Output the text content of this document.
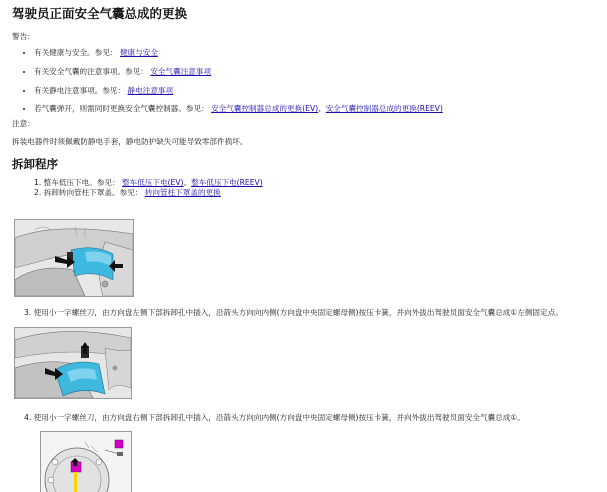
驾驶员正面安全气囊总成的更换

警告：

• 有关健康与安全。参见： 健康与安全
• 有关安全气囊的注意事项。参见： 安全气囊注意事项
• 有关静电注意事项。参见： 静电注意事项
• 若气囊弹开，则需同时更换安全气囊控制器。参见： 安全气囊控制器总成的更换(EV)、安全气囊控制器总成的更换(REEV)

注意：

拆装电器件时须佩戴防静电手套，静电防护缺失可能导致零部件损坏。

拆卸程序
1. 整车低压下电。参见： 整车低压下电(EV)、整车低压下电(REEV)
2. 拆卸转向管柱下罩盖。参见： 转向管柱下罩盖的更换
·

3. 使用小一字螺丝刀，由方向盘左侧下部拆卸孔中插入，沿箭头方向向内侧(方向盘中央固定螺母侧)按压卡簧，并向外拔出驾驶员面安全气囊总成①左侧固定点。

·

4. 使用小一字螺丝刀，由方向盘右侧下部拆卸孔中插入，沿箭头方向向内侧(方向盘中央固定螺母侧)按压卡簧，并向外拔出驾驶员面安全气囊总成①。
